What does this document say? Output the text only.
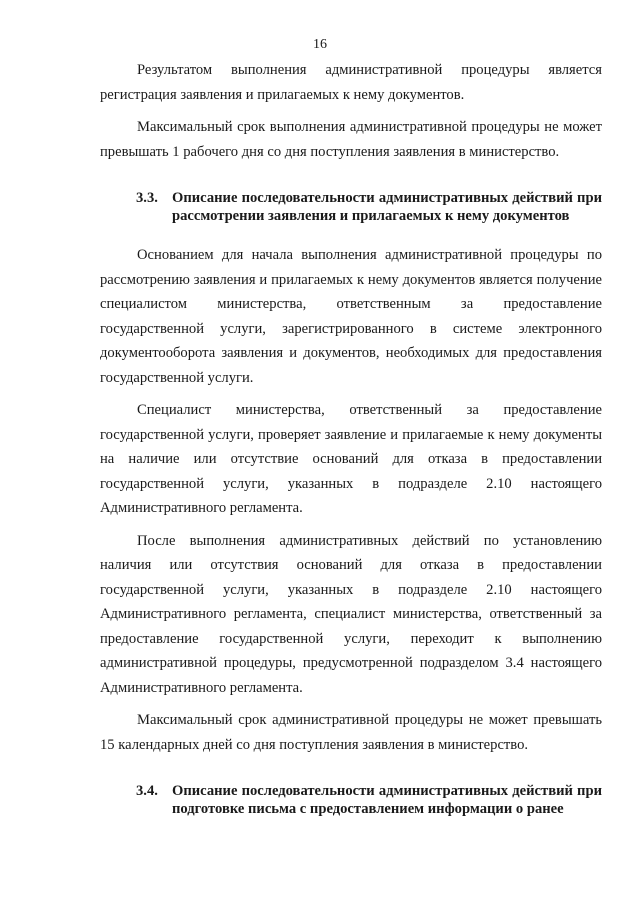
16

Результатом выполнения административной процедуры является регистрация заявления и прилагаемых к нему документов.

Максимальный срок выполнения административной процедуры не может превышать 1 рабочего дня со дня поступления заявления в министерство.

3.3. Описание последовательности административных действий при рассмотрении заявления и прилагаемых к нему документов

Основанием для начала выполнения административной процедуры по рассмотрению заявления и прилагаемых к нему документов является получение специалистом министерства, ответственным за предоставление государственной услуги, зарегистрированного в системе электронного документооборота заявления и документов, необходимых для предоставления государственной услуги.

Специалист министерства, ответственный за предоставление государственной услуги, проверяет заявление и прилагаемые к нему документы на наличие или отсутствие оснований для отказа в предоставлении государственной услуги, указанных в подразделе 2.10 настоящего Административного регламента.

После выполнения административных действий по установлению наличия или отсутствия оснований для отказа в предоставлении государственной услуги, указанных в подразделе 2.10 настоящего Административного регламента, специалист министерства, ответственный за предоставление государственной услуги, переходит к выполнению административной процедуры, предусмотренной подразделом 3.4 настоящего Административного регламента.

Максимальный срок административной процедуры не может превышать 15 календарных дней со дня поступления заявления в министерство.

3.4. Описание последовательности административных действий при подготовке письма с предоставлением информации о ранее
